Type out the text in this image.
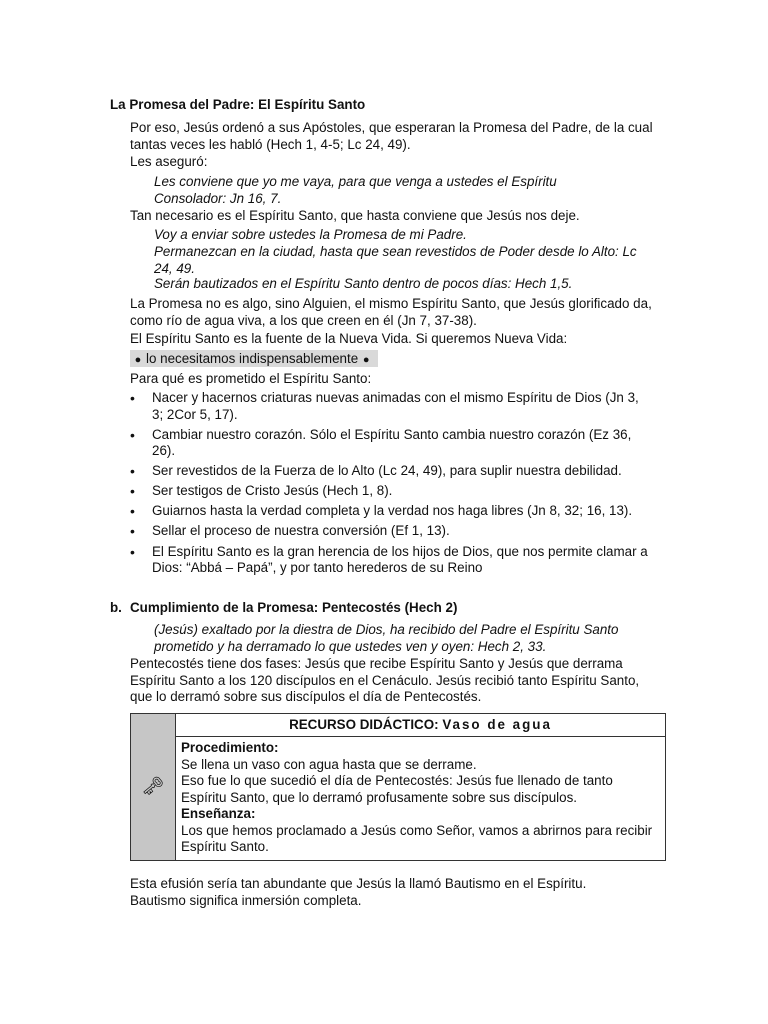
La Promesa del Padre: El Espíritu Santo
Por eso, Jesús ordenó a sus Apóstoles, que esperaran la Promesa del Padre, de la cual tantas veces les habló (Hech 1, 4-5; Lc 24, 49).
Les aseguró:
Les conviene que yo me vaya, para que venga a ustedes el Espíritu Consolador: Jn 16, 7.
Tan necesario es el Espíritu Santo, que hasta conviene que Jesús nos deje.
Voy a enviar sobre ustedes la Promesa de mi Padre.
Permanezcan en la ciudad, hasta que sean revestidos de Poder desde lo Alto: Lc 24, 49.
Serán bautizados en el Espíritu Santo dentro de pocos días: Hech 1,5.
La Promesa no es algo, sino Alguien, el mismo Espíritu Santo, que Jesús glorificado da, como río de agua viva, a los que creen en él (Jn 7, 37-38).
El Espíritu Santo es la fuente de la Nueva Vida. Si queremos Nueva Vida:
● lo necesitamos indispensablemente ●
Para qué es prometido el Espíritu Santo:
• Nacer y hacernos criaturas nuevas animadas con el mismo Espíritu de Dios (Jn 3, 3; 2Cor 5, 17).
• Cambiar nuestro corazón. Sólo el Espíritu Santo cambia nuestro corazón (Ez 36, 26).
• Ser revestidos de la Fuerza de lo Alto (Lc 24, 49), para suplir nuestra debilidad.
• Ser testigos de Cristo Jesús (Hech 1, 8).
• Guiarnos hasta la verdad completa y la verdad nos haga libres (Jn 8, 32; 16, 13).
• Sellar el proceso de nuestra conversión (Ef 1, 13).
• El Espíritu Santo es la gran herencia de los hijos de Dios, que nos permite clamar a Dios: “Abbá – Papá”, y por tanto herederos de su Reino
b. Cumplimiento de la Promesa: Pentecostés (Hech 2)
(Jesús) exaltado por la diestra de Dios, ha recibido del Padre el Espíritu Santo prometido y ha derramado lo que ustedes ven y oyen: Hech 2, 33.
Pentecostés tiene dos fases: Jesús que recibe Espíritu Santo y Jesús que derrama Espíritu Santo a los 120 discípulos en el Cenáculo. Jesús recibió tanto Espíritu Santo, que lo derramó sobre sus discípulos el día de Pentecostés.
🗝	
RECURSO DIDÁCTICO: Vaso de agua

Procedimiento:
Se llena un vaso con agua hasta que se derrame.
Eso fue lo que sucedió el día de Pentecostés: Jesús fue llenado de tanto Espíritu Santo, que lo derramó profusamente sobre sus discípulos.
Enseñanza:
Los que hemos proclamado a Jesús como Señor, vamos a abrirnos para recibir Espíritu Santo.
Esta efusión sería tan abundante que Jesús la llamó Bautismo en el Espíritu.
Bautismo significa inmersión completa.
